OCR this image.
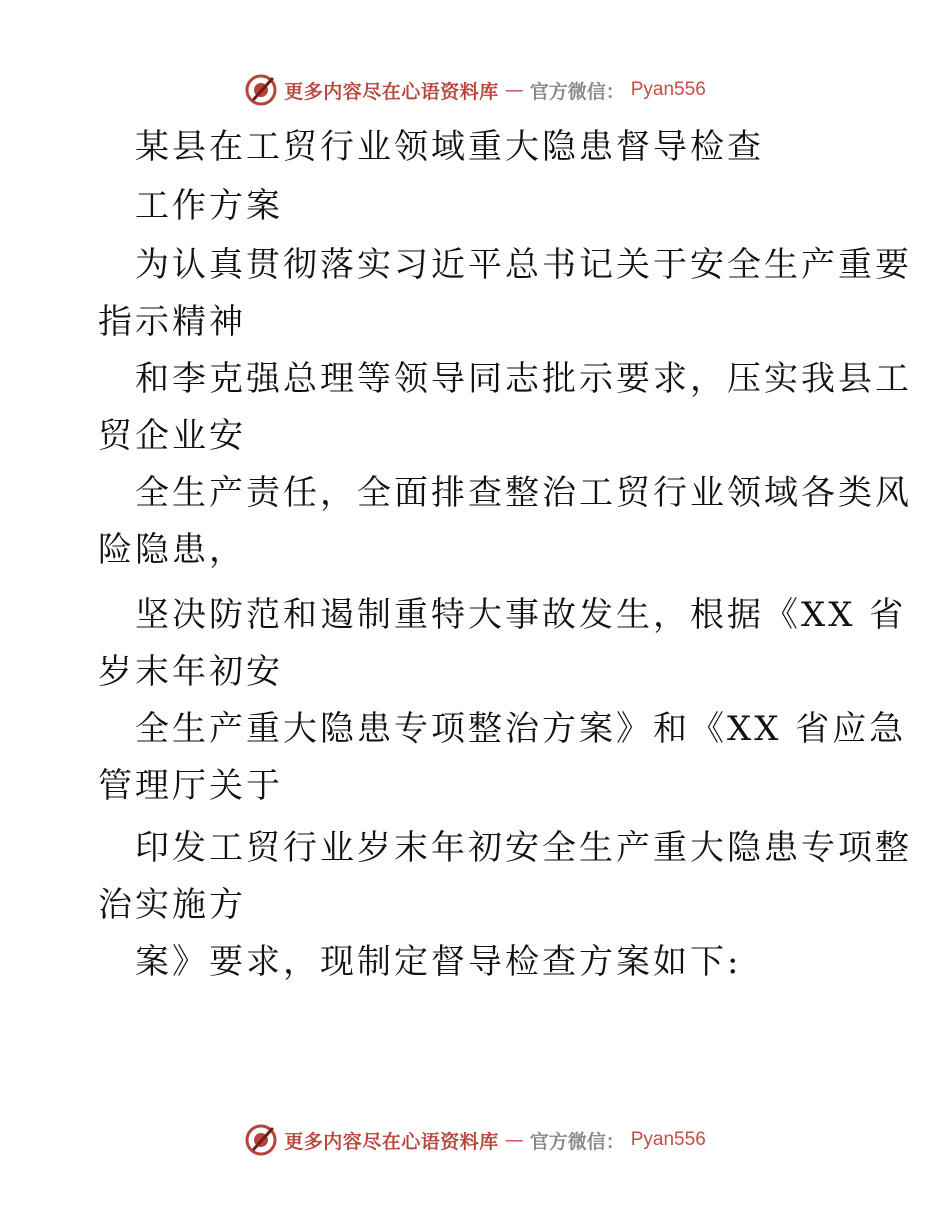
更多内容尽在心语资料库 — 官方微信： Pyan556
某县在工贸行业领域重大隐患督导检查
工作方案
为认真贯彻落实习近平总书记关于安全生产重要
指示精神
和李克强总理等领导同志批示要求，压实我县工
贸企业安
全生产责任，全面排查整治工贸行业领域各类风
险隐患，
坚决防范和遏制重特大事故发生，根据《XX 省
岁末年初安
全生产重大隐患专项整治方案》和《XX 省应急
管理厅关于
印发工贸行业岁末年初安全生产重大隐患专项整
治实施方
案》要求，现制定督导检查方案如下:
更多内容尽在心语资料库 — 官方微信： Pyan556
